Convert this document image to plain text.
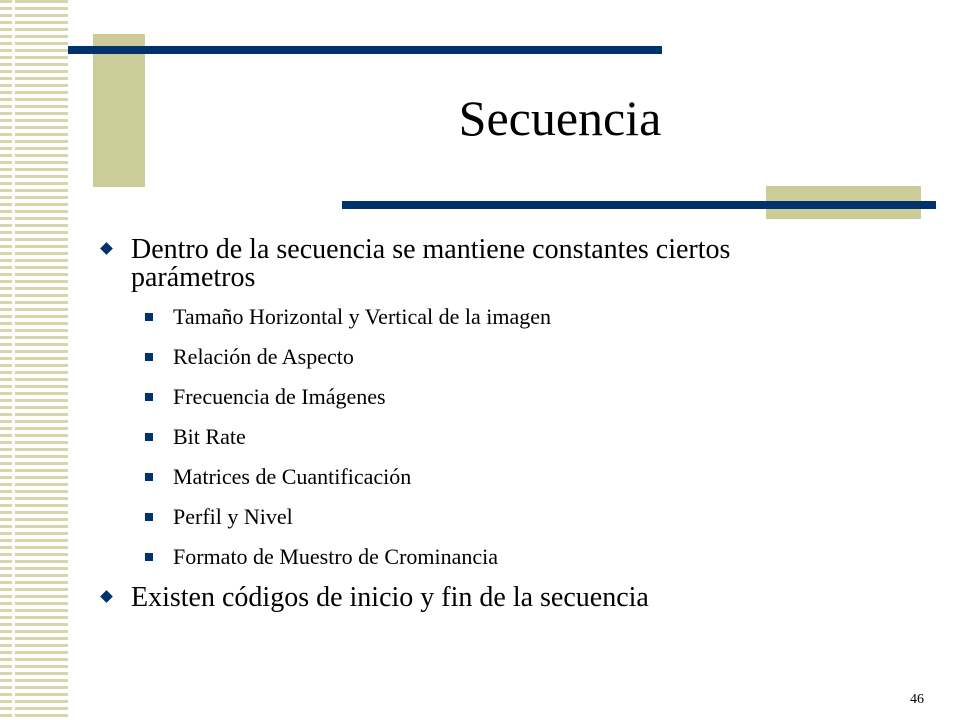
Secuencia
Dentro de la secuencia se mantiene constantes ciertos parámetros
Tamaño Horizontal y Vertical de la imagen
Relación de Aspecto
Frecuencia de Imágenes
Bit Rate
Matrices de Cuantificación
Perfil y Nivel
Formato de Muestro de Crominancia
Existen códigos de inicio y fin de la secuencia
46
